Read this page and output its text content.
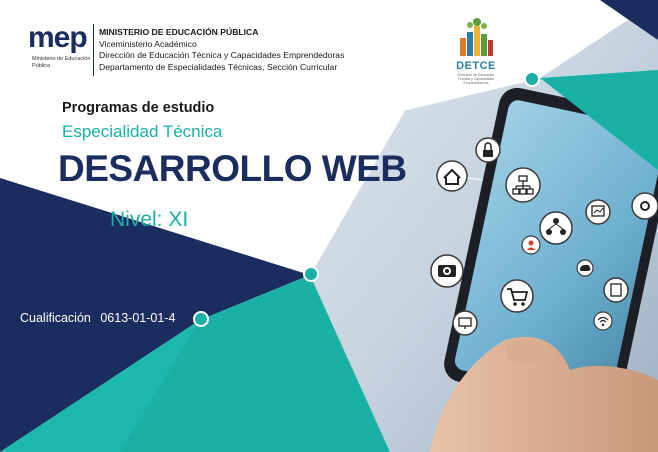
mep
Ministerio de Educación Pública
MINISTERIO DE EDUCACIÓN PÚBLICA
Viceministerio Académico
Dirección de Educación Técnica y Capacidades Emprendedoras
Departamento de Especialidades Técnicas, Sección Curricular	DETCE
Dirección de Educación Técnica y Capacidades Emprendedoras
Programas de estudio
Especialidad Técnica
DESARROLLO WEB
Nivel: XI
Cualificación 0613-01-01-4
